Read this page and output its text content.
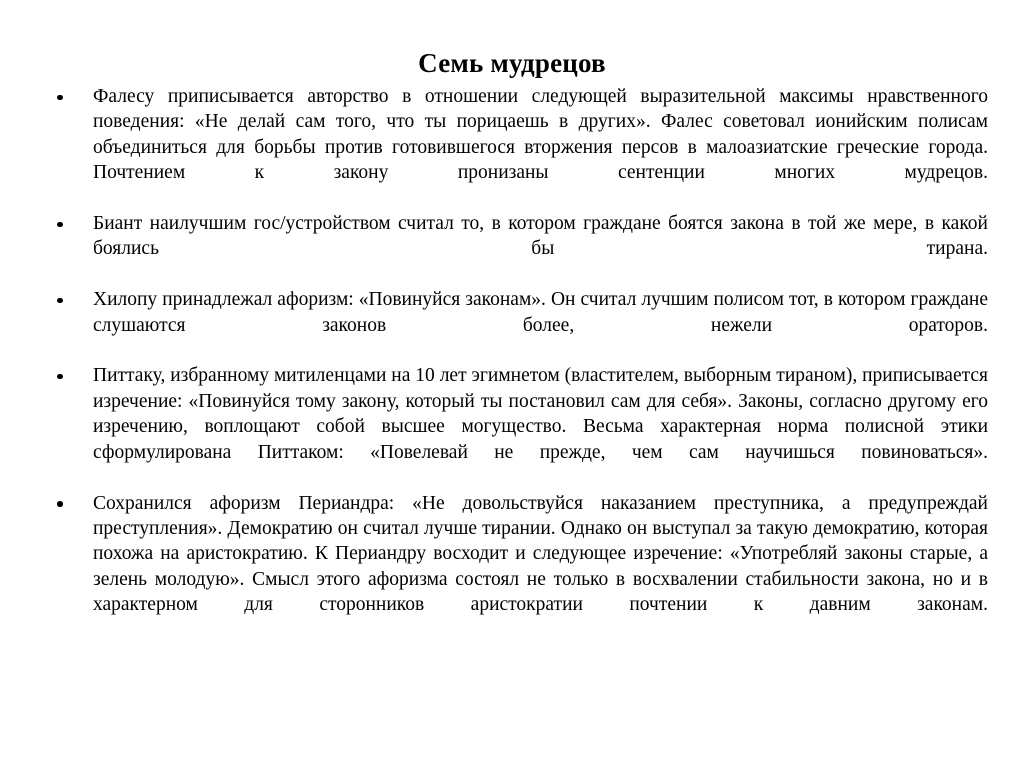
Семь мудрецов
Фалесу приписывается авторство в отношении следующей выразительной максимы нравственного поведения: «Не делай сам того, что ты порицаешь в других». Фалес советовал ионийским полисам объединиться для борьбы против готовившегося вторжения персов в малоазиатские греческие города. Почтением к закону пронизаны сентенции многих мудрецов.
Биант наилучшим гос/устройством считал то, в котором граждане боятся закона в той же мере, в какой боялись бы тирана.
Хилопу принадлежал афоризм: «Повинуйся законам». Он считал лучшим полисом тот, в котором граждане слушаются законов более, нежели ораторов.
Питтаку, избранному митиленцами на 10 лет эгимнетом (властителем, выборным тираном), приписывается изречение: «Повинуйся тому закону, который ты постановил сам для себя». Законы, согласно другому его изречению, воплощают собой высшее могущество. Весьма характерная норма полисной этики сформулирована Питтаком: «Повелевай не прежде, чем сам научишься повиноваться».
Сохранился афоризм Периандра: «Не довольствуйся наказанием преступника, а предупреждай преступления». Демократию он считал лучше тирании. Однако он выступал за такую демократию, которая похожа на аристократию. К Периандру восходит и следующее изречение: «Употребляй законы старые, а зелень молодую». Смысл этого афоризма состоял не только в восхвалении стабильности закона, но и в характерном для сторонников аристократии почтении к давним законам.
